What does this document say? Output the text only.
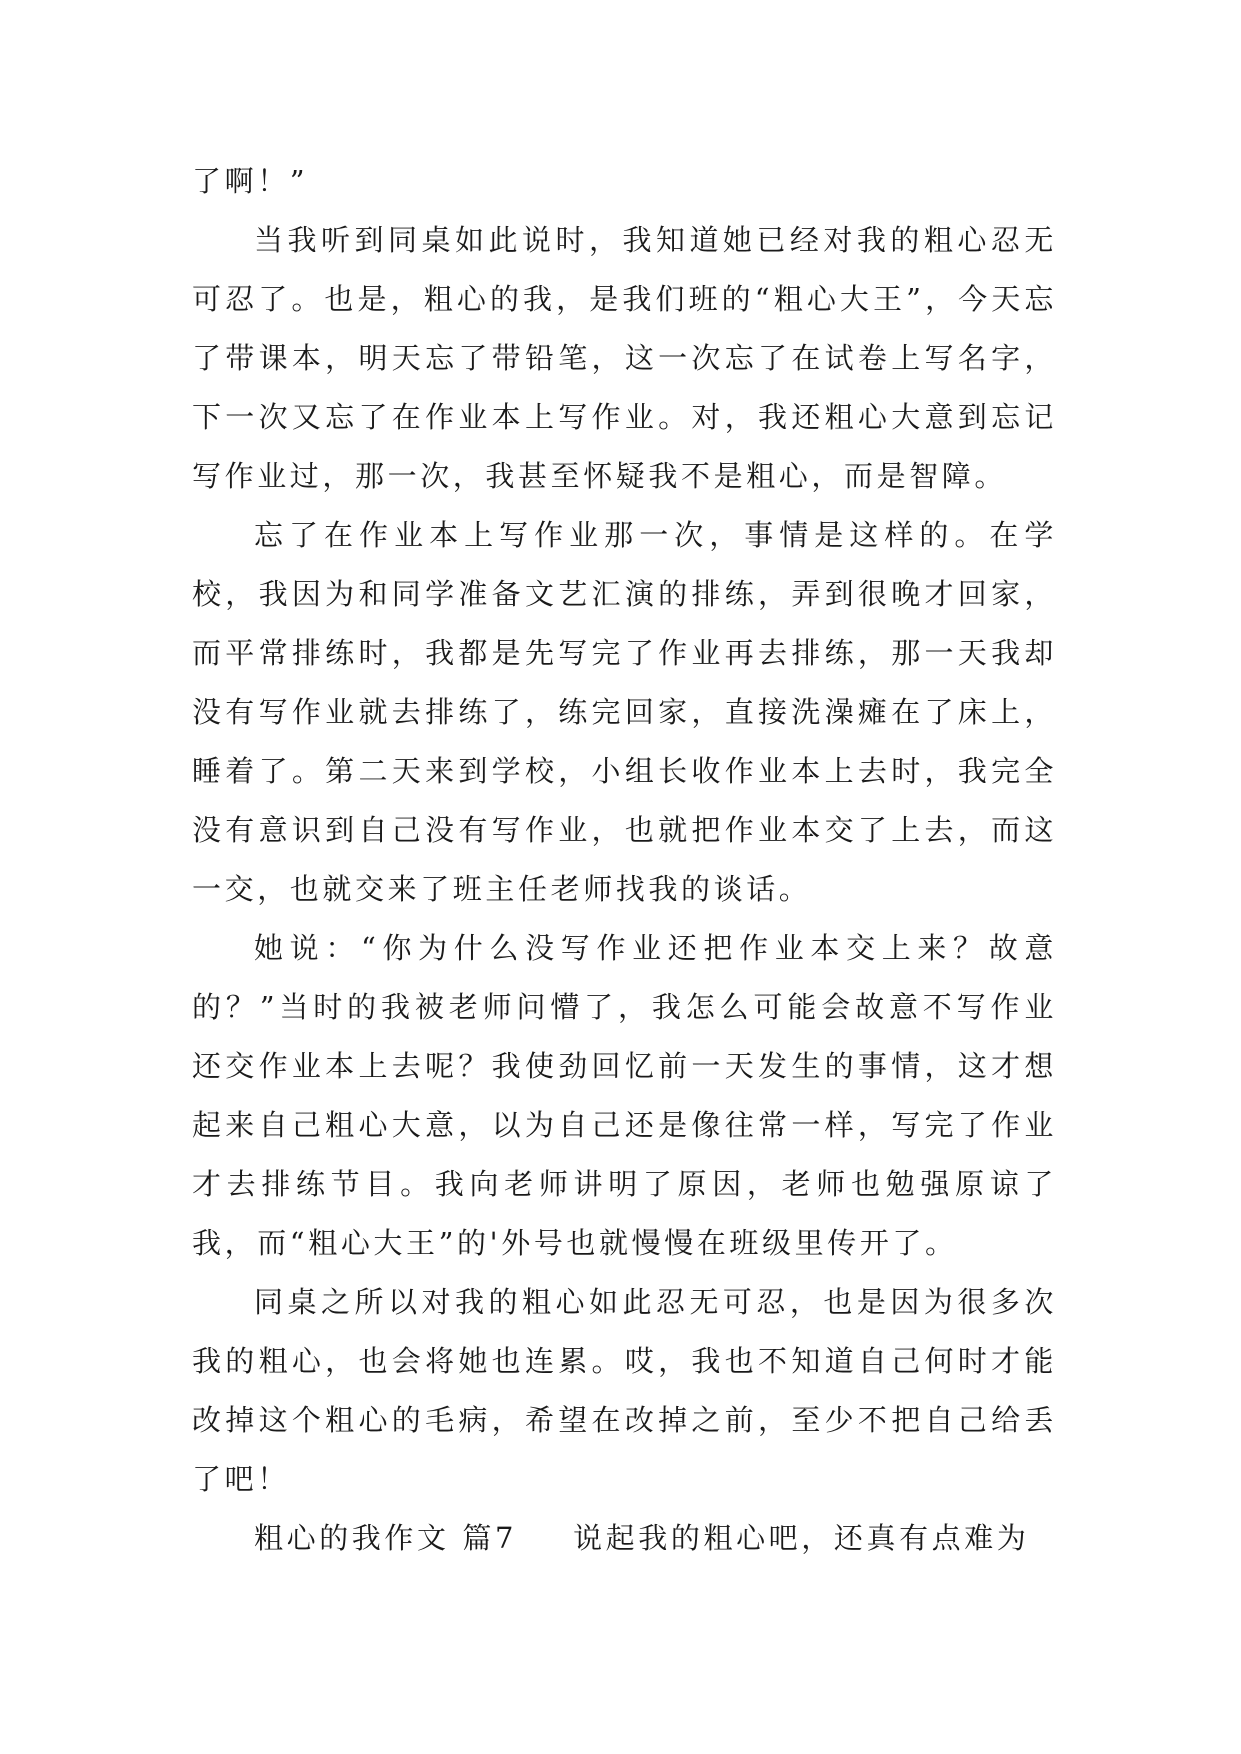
了啊！”

当我听到同桌如此说时，我知道她已经对我的粗心忍无可忍了。也是，粗心的我，是我们班的“粗心大王”，今天忘了带课本，明天忘了带铅笔，这一次忘了在试卷上写名字，下一次又忘了在作业本上写作业。对，我还粗心大意到忘记写作业过，那一次，我甚至怀疑我不是粗心，而是智障。

忘了在作业本上写作业那一次，事情是这样的。在学校，我因为和同学准备文艺汇演的排练，弄到很晚才回家，而平常排练时，我都是先写完了作业再去排练，那一天我却没有写作业就去排练了，练完回家，直接洗澡瘫在了床上，睡着了。第二天来到学校，小组长收作业本上去时，我完全没有意识到自己没有写作业，也就把作业本交了上去，而这一交，也就交来了班主任老师找我的谈话。

她说：“你为什么没写作业还把作业本交上来？故意的？”当时的我被老师问懵了，我怎么可能会故意不写作业还交作业本上去呢？我使劲回忆前一天发生的事情，这才想起来自己粗心大意，以为自己还是像往常一样，写完了作业才去排练节目。我向老师讲明了原因，老师也勉强原谅了我，而“粗心大王”的'外号也就慢慢在班级里传开了。

同桌之所以对我的粗心如此忍无可忍，也是因为很多次我的粗心，也会将她也连累。哎，我也不知道自己何时才能改掉这个粗心的毛病，希望在改掉之前，至少不把自己给丢了吧！

粗心的我作文 篇7 说起我的粗心吧，还真有点难为
